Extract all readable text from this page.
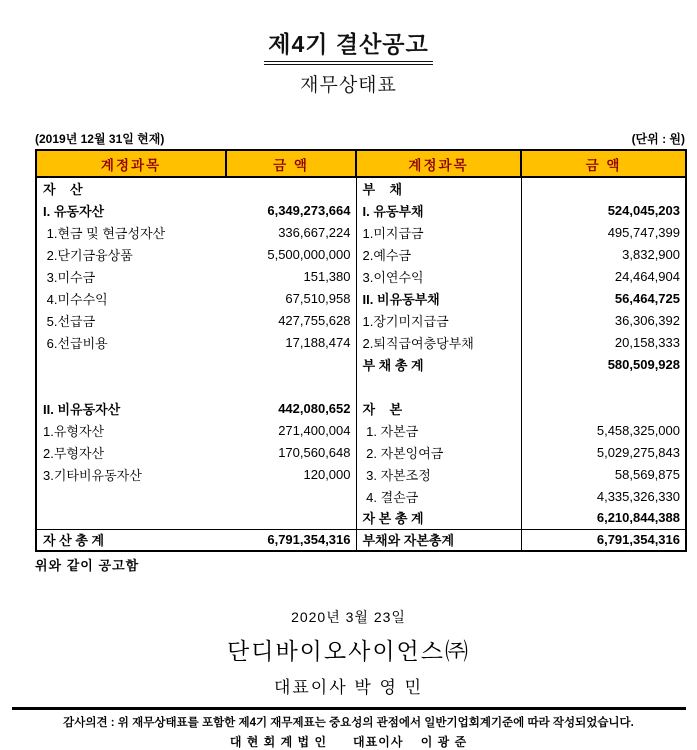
제4기 결산공고
재무상태표
(2019년 12월 31일 현재)	(단위 : 원)
계정과목	금 액	계정과목	금 액
자    산		부    채	
I. 유동자산	6,349,273,664	I. 유동부채	524,045,203
1.현금 및 현금성자산	336,667,224	1.미지급금	495,747,399
2.단기금융상품	5,500,000,000	2.예수금	3,832,900
3.미수금	151,380	3.이연수익	24,464,904
4.미수수익	67,510,958	II. 비유동부채	56,464,725
5.선급금	427,755,628	1.장기미지급금	36,306,392
6.선급비용	17,188,474	2.퇴직급여충당부채	20,158,333
		부 채 총 계	580,509,928

II. 비유동자산	442,080,652	자    본	
1.유형자산	271,400,004	1. 자본금	5,458,325,000
2.무형자산	170,560,648	2. 자본잉여금	5,029,275,843
3.기타비유동자산	120,000	3. 자본조정	58,569,875
		4. 결손금	4,335,326,330
		자 본 총 계	6,210,844,388
자 산 총 계	6,791,354,316	부채와 자본총계	6,791,354,316
위와 같이 공고함
2020년 3월 23일
단디바이오사이언스㈜
대표이사 박 영 민
감사의견 : 위 재무상태표를 포함한 제4기 재무제표는 중요성의 관점에서 일반기업회계기준에 따라 작성되었습니다.
대 현 회 계 법 인      대표이사    이 광 준
